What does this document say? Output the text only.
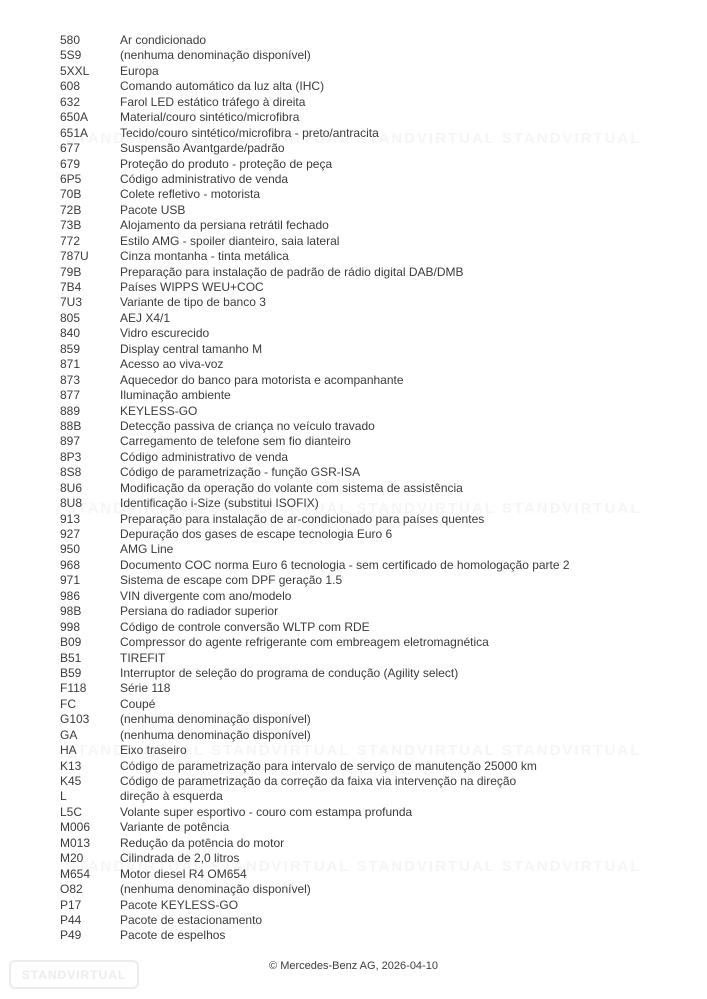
580	Ar condicionado
5S9	(nenhuma denominação disponível)
5XXL	Europa
608	Comando automático da luz alta (IHC)
632	Farol LED estático tráfego à direita
650A	Material/couro sintético/microfibra
651A	Tecido/couro sintético/microfibra - preto/antracita
677	Suspensão Avantgarde/padrão
679	Proteção do produto - proteção de peça
6P5	Código administrativo de venda
70B	Colete refletivo - motorista
72B	Pacote USB
73B	Alojamento da persiana retrátil fechado
772	Estilo AMG - spoiler dianteiro, saia lateral
787U	Cinza montanha - tinta metálica
79B	Preparação para instalação de padrão de rádio digital DAB/DMB
7B4	Países WIPPS WEU+COC
7U3	Variante de tipo de banco 3
805	AEJ X4/1
840	Vidro escurecido
859	Display central tamanho M
871	Acesso ao viva-voz
873	Aquecedor do banco para motorista e acompanhante
877	Iluminação ambiente
889	KEYLESS-GO
88B	Detecção passiva de criança no veículo travado
897	Carregamento de telefone sem fio dianteiro
8P3	Código administrativo de venda
8S8	Código de parametrização - função GSR-ISA
8U6	Modificação da operação do volante com sistema de assistência
8U8	Identificação i-Size (substitui ISOFIX)
913	Preparação para instalação de ar-condicionado para países quentes
927	Depuração dos gases de escape tecnologia Euro 6
950	AMG Line
968	Documento COC norma Euro 6 tecnologia - sem certificado de homologação parte 2
971	Sistema de escape com DPF geração 1.5
986	VIN divergente com ano/modelo
98B	Persiana do radiador superior
998	Código de controle conversão WLTP com RDE
B09	Compressor do agente refrigerante com embreagem eletromagnética
B51	TIREFIT
B59	Interruptor de seleção do programa de condução (Agility select)
F118	Série 118
FC	Coupé
G103	(nenhuma denominação disponível)
GA	(nenhuma denominação disponível)
HA	Eixo traseiro
K13	Código de parametrização para intervalo de serviço de manutenção 25000 km
K45	Código de parametrização da correção da faixa via intervenção na direção
L	direção à esquerda
L5C	Volante super esportivo - couro com estampa profunda
M006	Variante de potência
M013	Redução da potência do motor
M20	Cilindrada de 2,0 litros
M654	Motor diesel R4 OM654
O82	(nenhuma denominação disponível)
P17	Pacote KEYLESS-GO
P44	Pacote de estacionamento
P49	Pacote de espelhos
STANDVIRTUAL
© Mercedes-Benz AG, 2026-04-10
